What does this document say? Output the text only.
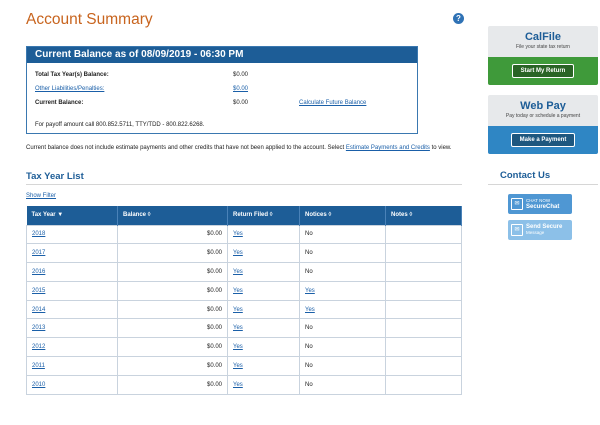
Account Summary	?
Current Balance as of 08/09/2019 - 06:30 PM
Total Tax Year(s) Balance:	$0.00
Other Liabilities/Penalties:	$0.00
Current Balance:	$0.00	Calculate Future Balance
For payoff amount call 800.852.5711, TTY/TDD - 800.822.6268.
Current balance does not include estimate payments and other credits that have not been applied to the account. Select Estimate Payments and Credits to view.
Tax Year List
Show Filter
Tax Year ▼	Balance ◊	Return Filed ◊	Notices ◊	Notes ◊
2018	$0.00	Yes	No	
2017	$0.00	Yes	No	
2016	$0.00	Yes	No	
2015	$0.00	Yes	Yes	
2014	$0.00	Yes	Yes	
2013	$0.00	Yes	No	
2012	$0.00	Yes	No	
2011	$0.00	Yes	No	
2010	$0.00	Yes	No	
CalFile
File your state tax return
Start My Return
Web Pay
Pay today or schedule a payment
Make a Payment
Contact Us
✉
CHAT NOW
SecureChat
✉	Send Secure
Message
